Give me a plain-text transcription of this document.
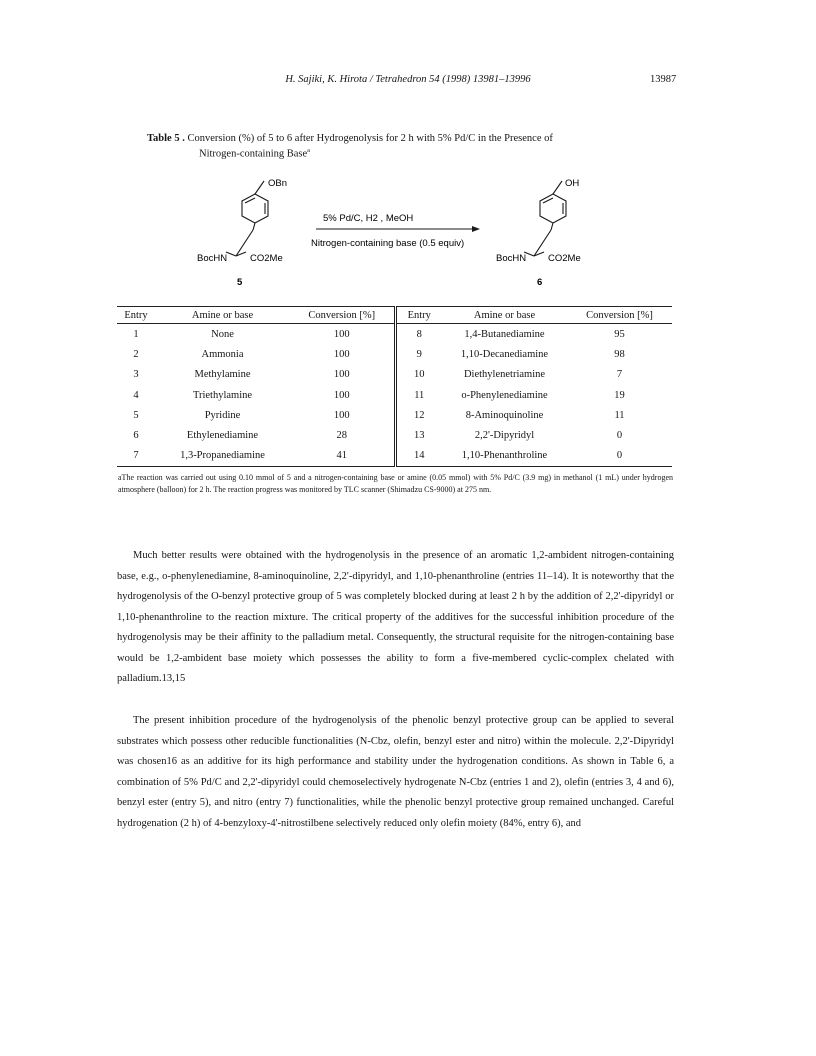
H. Sajiki, K. Hirota / Tetrahedron 54 (1998) 13981–13996	13987
Table 5 . Conversion (%) of 5 to 6 after Hydrogenolysis for 2 h with 5% Pd/C in the Presence of
Nitrogen-containing Base$^a$
OBn
BocHN CO2Me
5
5% Pd/C, H2 , MeOH
Nitrogen-containing base (0.5 equiv)
OH
BocHN CO2Me
6
Entry	Amine or base	Conversion [%]	Entry	Amine or base	Conversion [%]
1	None	100	8	1,4-Butanediamine	95
2	Ammonia	100	9	1,10-Decanediamine	98
3	Methylamine	100	10	Diethylenetriamine	7
4	Triethylamine	100	11	o-Phenylenediamine	19
5	Pyridine	100	12	8-Aminoquinoline	11
6	Ethylenediamine	28	13	2,2'-Dipyridyl	0
7	1,3-Propanediamine	41	14	1,10-Phenanthroline	0
aThe reaction was carried out using 0.10 mmol of 5 and a nitrogen-containing base or amine (0.05 mmol) with 5% Pd/C (3.9 mg) in methanol (1 mL) under hydrogen atmosphere (balloon) for 2 h. The reaction progress was monitored by TLC scanner (Shimadzu CS-9000) at 275 nm.

Much better results were obtained with the hydrogenolysis in the presence of an aromatic 1,2-ambident nitrogen-containing base, e.g., o-phenylenediamine, 8-aminoquinoline, 2,2'-dipyridyl, and 1,10-phenanthroline (entries 11–14). It is noteworthy that the hydrogenolysis of the O-benzyl protective group of 5 was completely blocked during at least 2 h by the addition of 2,2'-dipyridyl or 1,10-phenanthroline to the reaction mixture. The critical property of the additives for the successful inhibition procedure of the hydrogenolysis may be their affinity to the palladium metal. Consequently, the structural requisite for the nitrogen-containing base would be 1,2-ambident base moiety which possesses the ability to form a five-membered cyclic-complex chelated with palladium.13,15

The present inhibition procedure of the hydrogenolysis of the phenolic benzyl protective group can be applied to several substrates which possess other reducible functionalities (N-Cbz, olefin, benzyl ester and nitro) within the molecule. 2,2'-Dipyridyl was chosen16 as an additive for its high performance and stability under the hydrogenation conditions. As shown in Table 6, a combination of 5% Pd/C and 2,2'-dipyridyl could chemoselectively hydrogenate N-Cbz (entries 1 and 2), olefin (entries 3, 4 and 6), benzyl ester (entry 5), and nitro (entry 7) functionalities, while the phenolic benzyl protective group remained unchanged. Careful hydrogenation (2 h) of 4-benzyloxy-4'-nitrostilbene selectively reduced only olefin moiety (84%, entry 6), and
